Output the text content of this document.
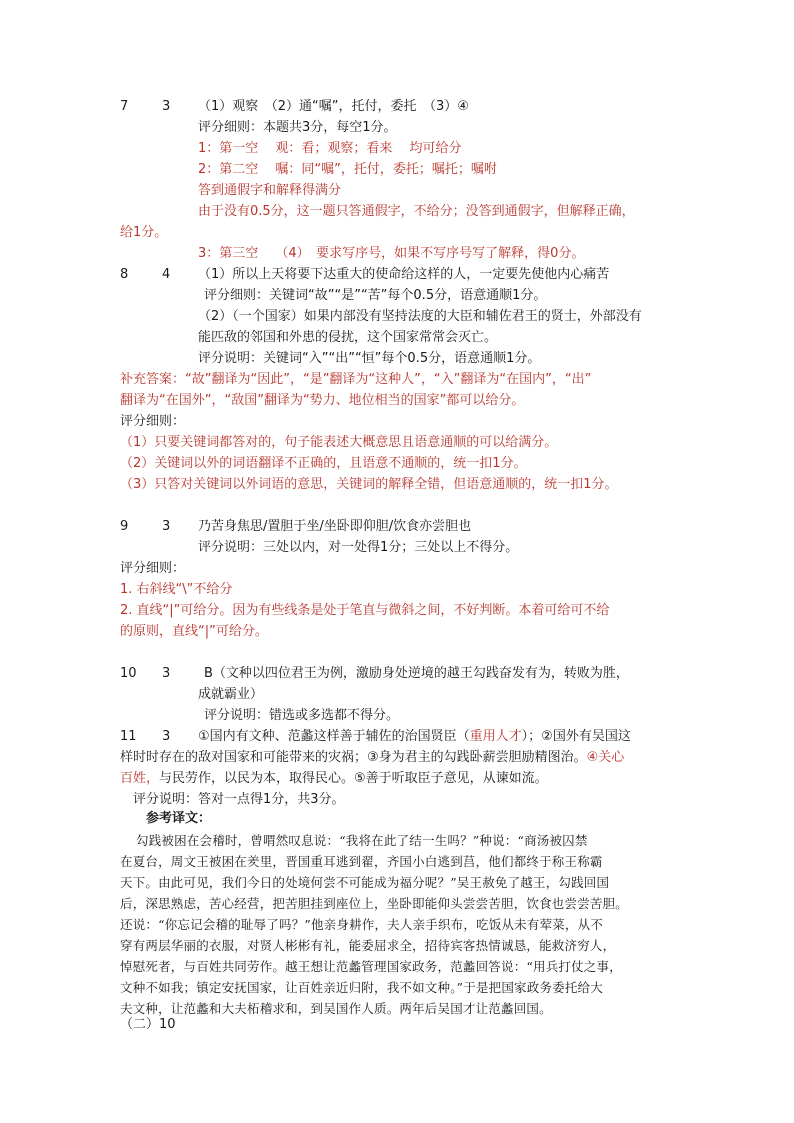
7	3 （1）观察　（2）通“嘱”，托付，委托　（3）④
评分细则：本题共3分，每空1分。
1：第一空　 观：看；观察；看来　 均可给分
2：第二空　 嘱：同“嘱”，托付，委托；嘱托；嘱咐
答到通假字和解释得满分
由于没有0.5分，这一题只答通假字，不给分；没答到通假字，但解释正确，
给1分。
3：第三空　 （4）　要求写序号，如果不写序号写了解释，得0分。
8	4 （1）所以上天将要下达重大的使命给这样的人，一定要先使他内心痛苦
评分细则：关键词“故”“是”“苦”每个0.5分，语意通顺1分。
（2）（一个国家）如果内部没有坚持法度的大臣和辅佐君王的贤士，外部没有
能匹敌的邻国和外患的侵扰，这个国家常常会灭亡。
评分说明：关键词“入”“出”“恒”每个0.5分，语意通顺1分。
补充答案：“故”翻译为“因此”，“是”翻译为“这种人”，“入”翻译为“在国内”，“出”
翻译为“在国外”，“敌国”翻译为“势力、地位相当的国家”都可以给分。
评分细则：
（1）只要关键词都答对的，句子能表述大概意思且语意通顺的可以给满分。
（2）关键词以外的词语翻译不正确的，且语意不通顺的，统一扣1分。
（3）只答对关键词以外词语的意思，关键词的解释全错，但语意通顺的，统一扣1分。
9	3 乃苦身焦思/置胆于坐/坐卧即仰胆/饮食亦尝胆也
评分说明：三处以内，对一处得1分；三处以上不得分。
评分细则：
1. 右斜线“\”不给分
2. 直线“|”可给分。因为有些线条是处于笔直与微斜之间，不好判断。本着可给可不给
的原则，直线“|”可给分。
10 3	B（文种以四位君王为例，激励身处逆境的越王勾践奋发有为，转败为胜，
成就霸业）
评分说明：错选或多选都不得分。
11 3 ①国内有文种、范蠡这样善于辅佐的治国贤臣（重用人才）；②国外有吴国这
样时时存在的敌对国家和可能带来的灾祸；③身为君主的勾践卧薪尝胆励精图治。④关心
百姓，与民劳作，以民为本，取得民心。⑤善于听取臣子意见，从谏如流。
评分说明：答对一点得1分，共3分。
参考译文：
勾践被困在会稽时，曾喟然叹息说：“我将在此了结一生吗？”种说：“商汤被囚禁
在夏台，周文王被困在羑里，晋国重耳逃到翟，齐国小白逃到莒，他们都终于称王称霸
天下。由此可见，我们今日的处境何尝不可能成为福分呢？”吴王赦免了越王，勾践回国
后，深思熟虑，苦心经营，把苦胆挂到座位上，坐卧即能仰头尝尝苦胆，饮食也尝尝苦胆。
还说：“你忘记会稽的耻辱了吗？”他亲身耕作，夫人亲手织布，吃饭从未有荤菜，从不
穿有两层华丽的衣服，对贤人彬彬有礼，能委屈求全，招待宾客热情诚恳，能救济穷人，
悼慰死者，与百姓共同劳作。越王想让范蠡管理国家政务，范蠡回答说：“用兵打仗之事，
文种不如我；镇定安抚国家，让百姓亲近归附，我不如文种。”于是把国家政务委托给大
夫文种，让范蠡和大夫柘稽求和，到吴国作人质。两年后吴国才让范蠡回国。
（二）10
